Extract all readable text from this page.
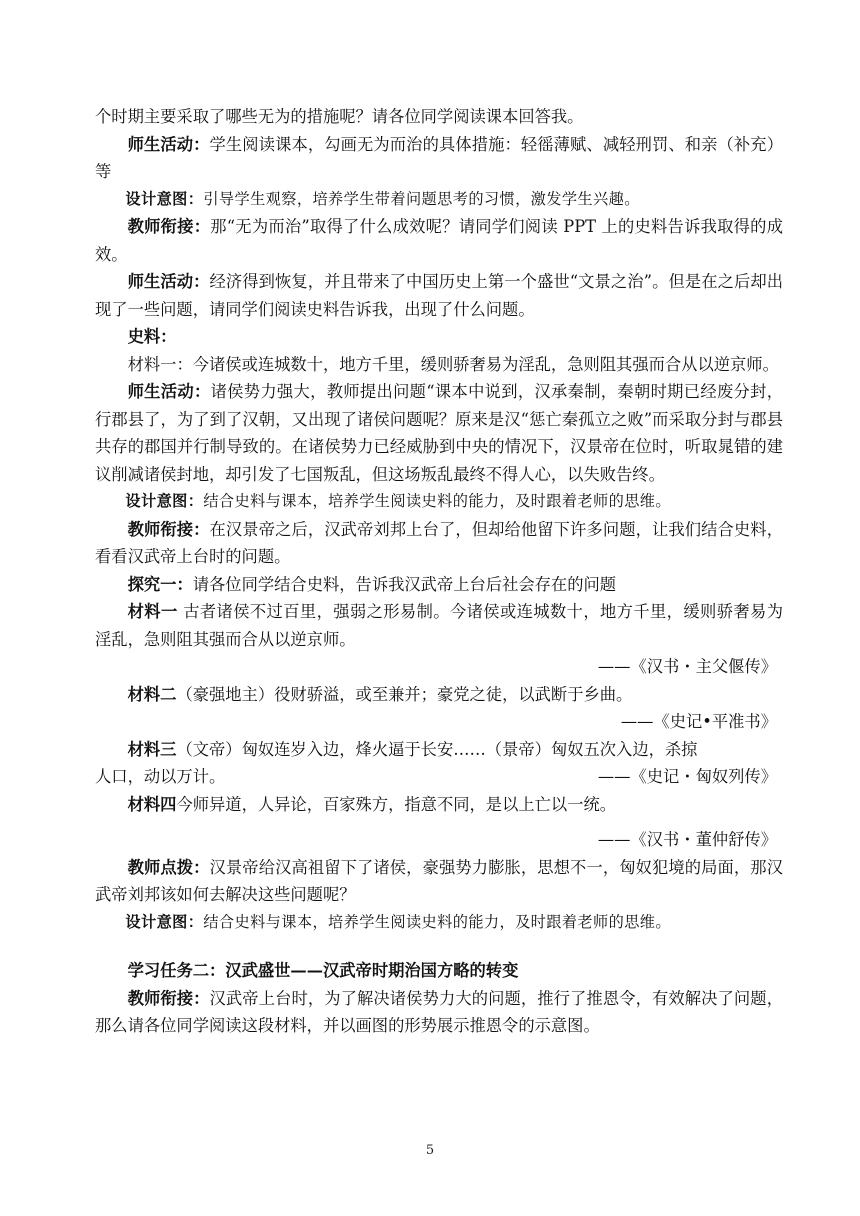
个时期主要采取了哪些无为的措施呢？请各位同学阅读课本回答我。

师生活动：学生阅读课本，勾画无为而治的具体措施：轻徭薄赋、减轻刑罚、和亲（补充）等

设计意图：引导学生观察，培养学生带着问题思考的习惯，激发学生兴趣。

教师衔接：那“无为而治”取得了什么成效呢？请同学们阅读 PPT 上的史料告诉我取得的成效。

师生活动：经济得到恢复，并且带来了中国历史上第一个盛世“文景之治”。但是在之后却出现了一些问题，请同学们阅读史料告诉我，出现了什么问题。

史料：

材料一：今诸侯或连城数十，地方千里，缓则骄奢易为淫乱，急则阻其强而合从以逆京师。

师生活动：诸侯势力强大，教师提出问题“课本中说到，汉承秦制，秦朝时期已经废分封，行郡县了，为了到了汉朝，又出现了诸侯问题呢？原来是汉“惩亡秦孤立之败”而采取分封与郡县共存的郡国并行制导致的。在诸侯势力已经威胁到中央的情况下，汉景帝在位时，听取晁错的建议削减诸侯封地，却引发了七国叛乱，但这场叛乱最终不得人心，以失败告终。

设计意图：结合史料与课本，培养学生阅读史料的能力，及时跟着老师的思维。

教师衔接：在汉景帝之后，汉武帝刘邦上台了，但却给他留下许多问题，让我们结合史料，看看汉武帝上台时的问题。

探究一：请各位同学结合史料，告诉我汉武帝上台后社会存在的问题

材料一 古者诸侯不过百里，强弱之形易制。今诸侯或连城数十，地方千里，缓则骄奢易为淫乱，急则阻其强而合从以逆京师。

——《汉书・主父偃传》

材料二（豪强地主）役财骄溢，或至兼并；豪党之徒，以武断于乡曲。

——《史记•平准书》

材料三（文帝）匈奴连岁入边，烽火逼于长安……（景帝）匈奴五次入边，杀掠

人口，动以万计。	——《史记・匈奴列传》

材料四今师异道，人异论，百家殊方，指意不同，是以上亡以一统。

——《汉书・董仲舒传》

教师点拨：汉景帝给汉高祖留下了诸侯，豪强势力膨胀，思想不一，匈奴犯境的局面，那汉武帝刘邦该如何去解决这些问题呢？

设计意图：结合史料与课本，培养学生阅读史料的能力，及时跟着老师的思维。

学习任务二：汉武盛世——汉武帝时期治国方略的转变

教师衔接：汉武帝上台时，为了解决诸侯势力大的问题，推行了推恩令，有效解决了问题，那么请各位同学阅读这段材料，并以画图的形势展示推恩令的示意图。

5
